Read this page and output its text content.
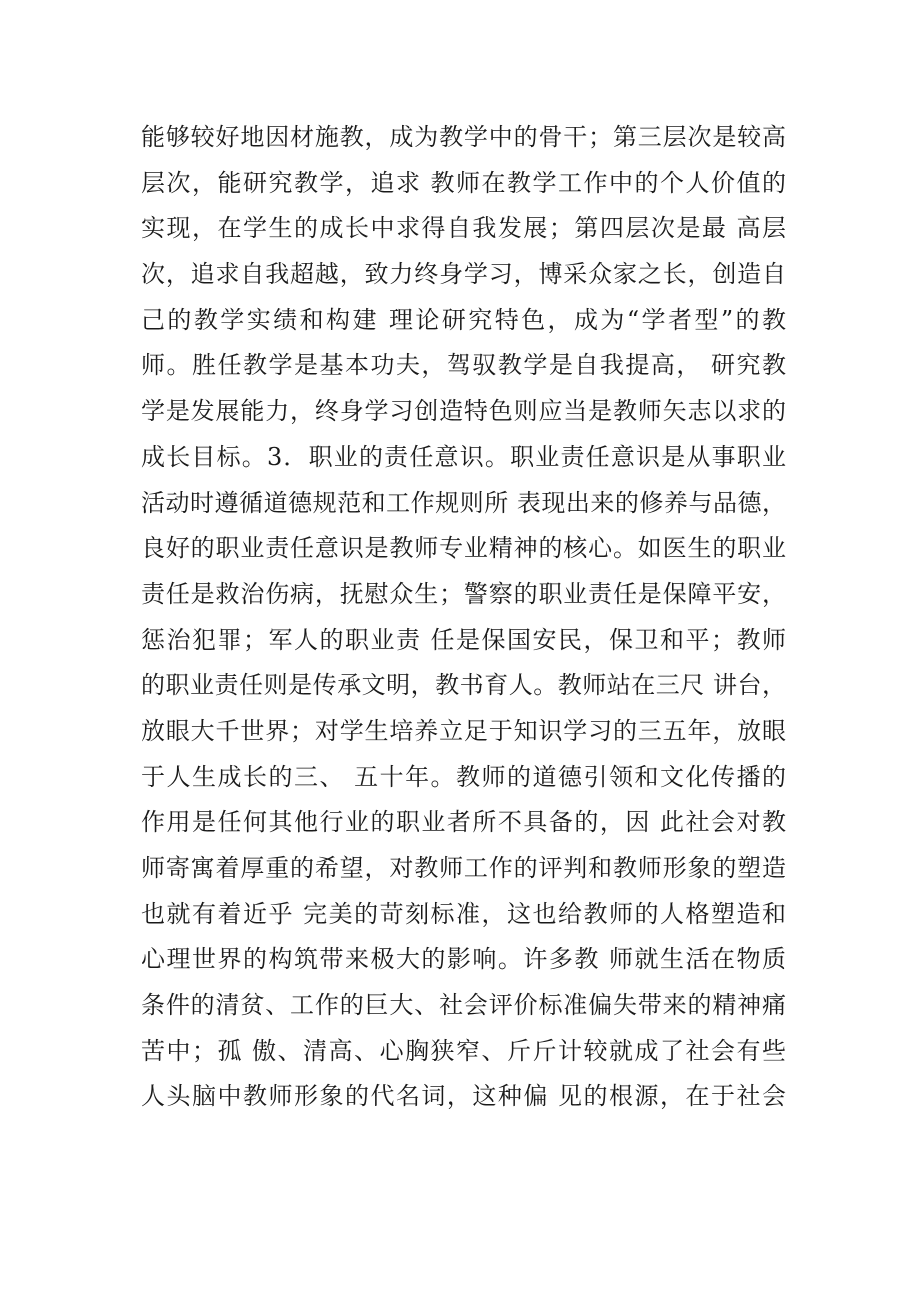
能够较好地因材施教，成为教学中的骨干；第三层次是较高
层次，能研究教学，追求 教师在教学工作中的个人价值的
实现，在学生的成长中求得自我发展；第四层次是最 高层
次，追求自我超越，致力终身学习，博采众家之长，创造自
己的教学实绩和构建 理论研究特色，成为“学者型”的教
师。胜任教学是基本功夫，驾驭教学是自我提高， 研究教
学是发展能力，终身学习创造特色则应当是教师矢志以求的
成长目标。3．职业的责任意识。职业责任意识是从事职业
活动时遵循道德规范和工作规则所 表现出来的修养与品德，
良好的职业责任意识是教师专业精神的核心。如医生的职业
责任是救治伤病，抚慰众生；警察的职业责任是保障平安，
惩治犯罪；军人的职业责 任是保国安民，保卫和平；教师
的职业责任则是传承文明，教书育人。教师站在三尺 讲台，
放眼大千世界；对学生培养立足于知识学习的三五年，放眼
于人生成长的三、 五十年。教师的道德引领和文化传播的
作用是任何其他行业的职业者所不具备的，因 此社会对教
师寄寓着厚重的希望，对教师工作的评判和教师形象的塑造
也就有着近乎 完美的苛刻标准，这也给教师的人格塑造和
心理世界的构筑带来极大的影响。许多教 师就生活在物质
条件的清贫、工作的巨大、社会评价标准偏失带来的精神痛
苦中；孤 傲、清高、心胸狭窄、斤斤计较就成了社会有些
人头脑中教师形象的代名词，这种偏 见的根源，在于社会
